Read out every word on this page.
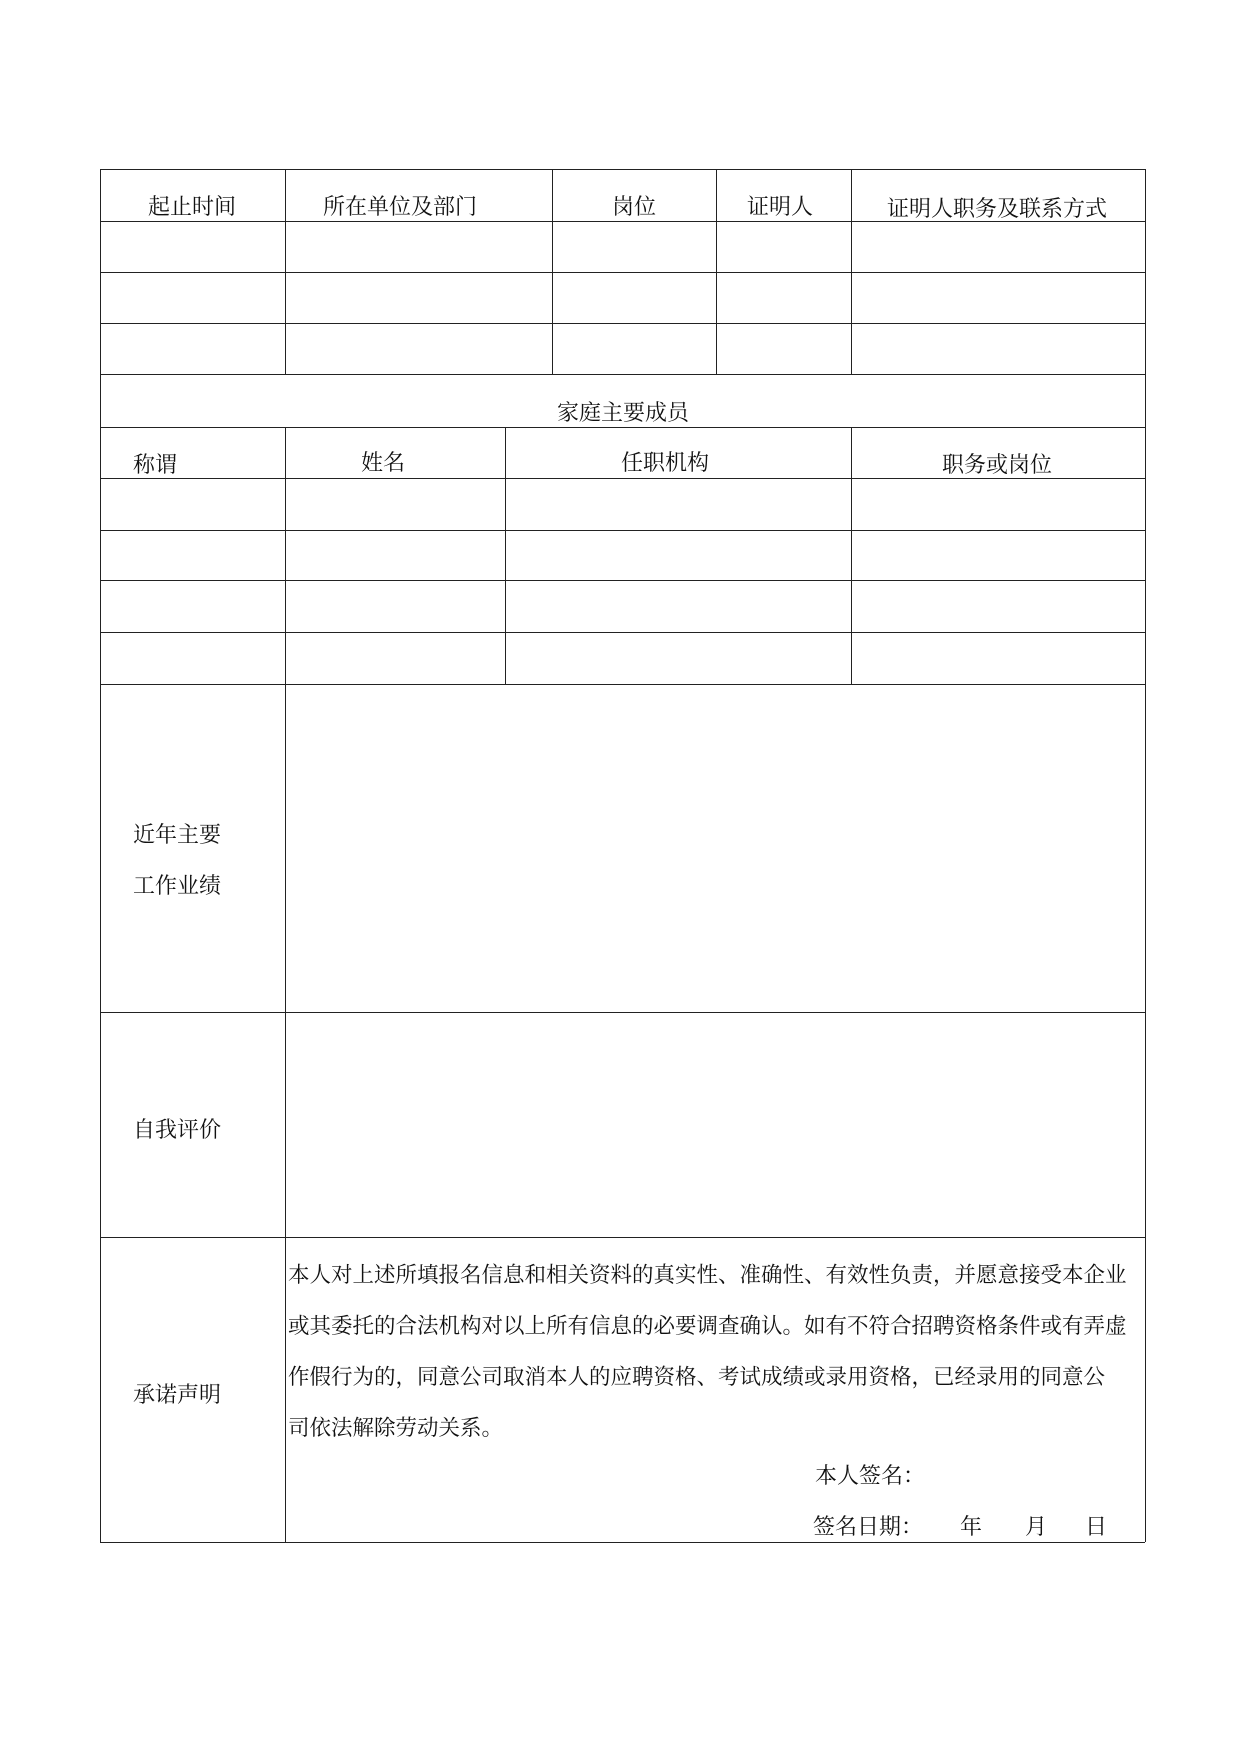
起止时间	所在单位及部门	岗位	证明人	证明人职务及联系方式
家庭主要成员
称谓	姓名	任职机构	职务或岗位
近年主要
工作业绩
自我评价
承诺声明
本人对上述所填报名信息和相关资料的真实性、准确性、有效性负责，并愿意接受本企业
或其委托的合法机构对以上所有信息的必要调查确认。如有不符合招聘资格条件或有弄虚
作假行为的，同意公司取消本人的应聘资格、考试成绩或录用资格，已经录用的同意公
司依法解除劳动关系。
本人签名：
签名日期： 年 月 日
